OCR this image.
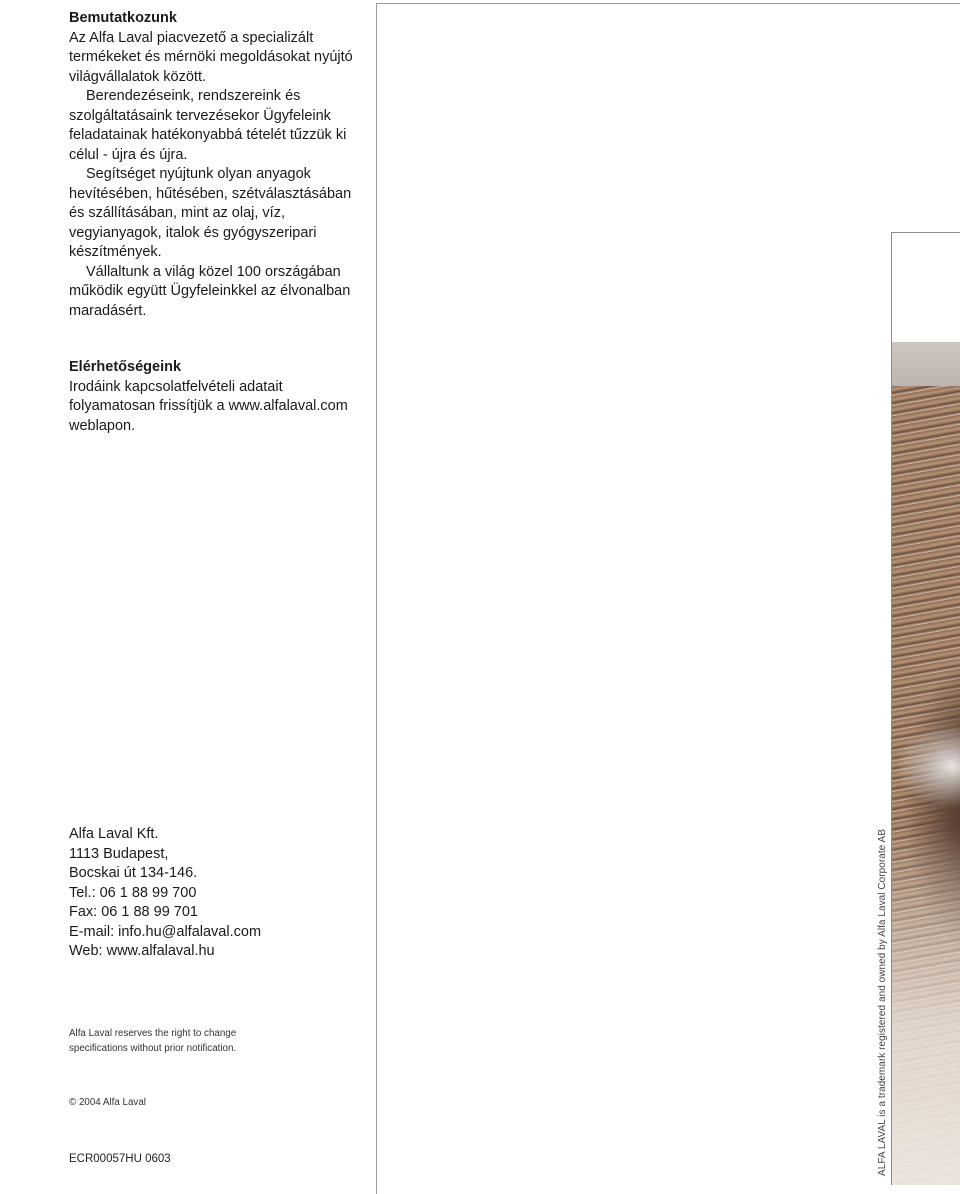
Bemutatkozunk

Az Alfa Laval piacvezető a specializált termékeket és mérnöki megoldásokat nyújtó világvállalatok között.

Berendezéseink, rendszereink és szolgáltatásaink tervezésekor Ügyfeleink feladatainak hatékonyabbá tételét tűzzük ki célul - újra és újra.

Segítséget nyújtunk olyan anyagok hevítésében, hűtésében, szétválasztásában és szállításában, mint az olaj, víz, vegyianyagok, italok és gyógyszeripari készítmények.

Vállaltunk a világ közel 100 országában működik együtt Ügyfeleinkkel az élvonalban maradásért.

Elérhetőségeink

Irodáink kapcsolatfelvételi adatait folyamatosan frissítjük a www.alfalaval.com weblapon.

Alfa Laval Kft.

1113 Budapest,

Bocskai út 134-146.

Tel.: 06 1 88 99 700

Fax: 06 1 88 99 701

E-mail: info.hu@alfalaval.com

Web: www.alfalaval.hu

Alfa Laval reserves the right to change

specifications without prior notification.

© 2004 Alfa Laval

ECR00057HU 0603	ALFA LAVAL is a trademark registered and owned by Alfa Laval Corporate AB
